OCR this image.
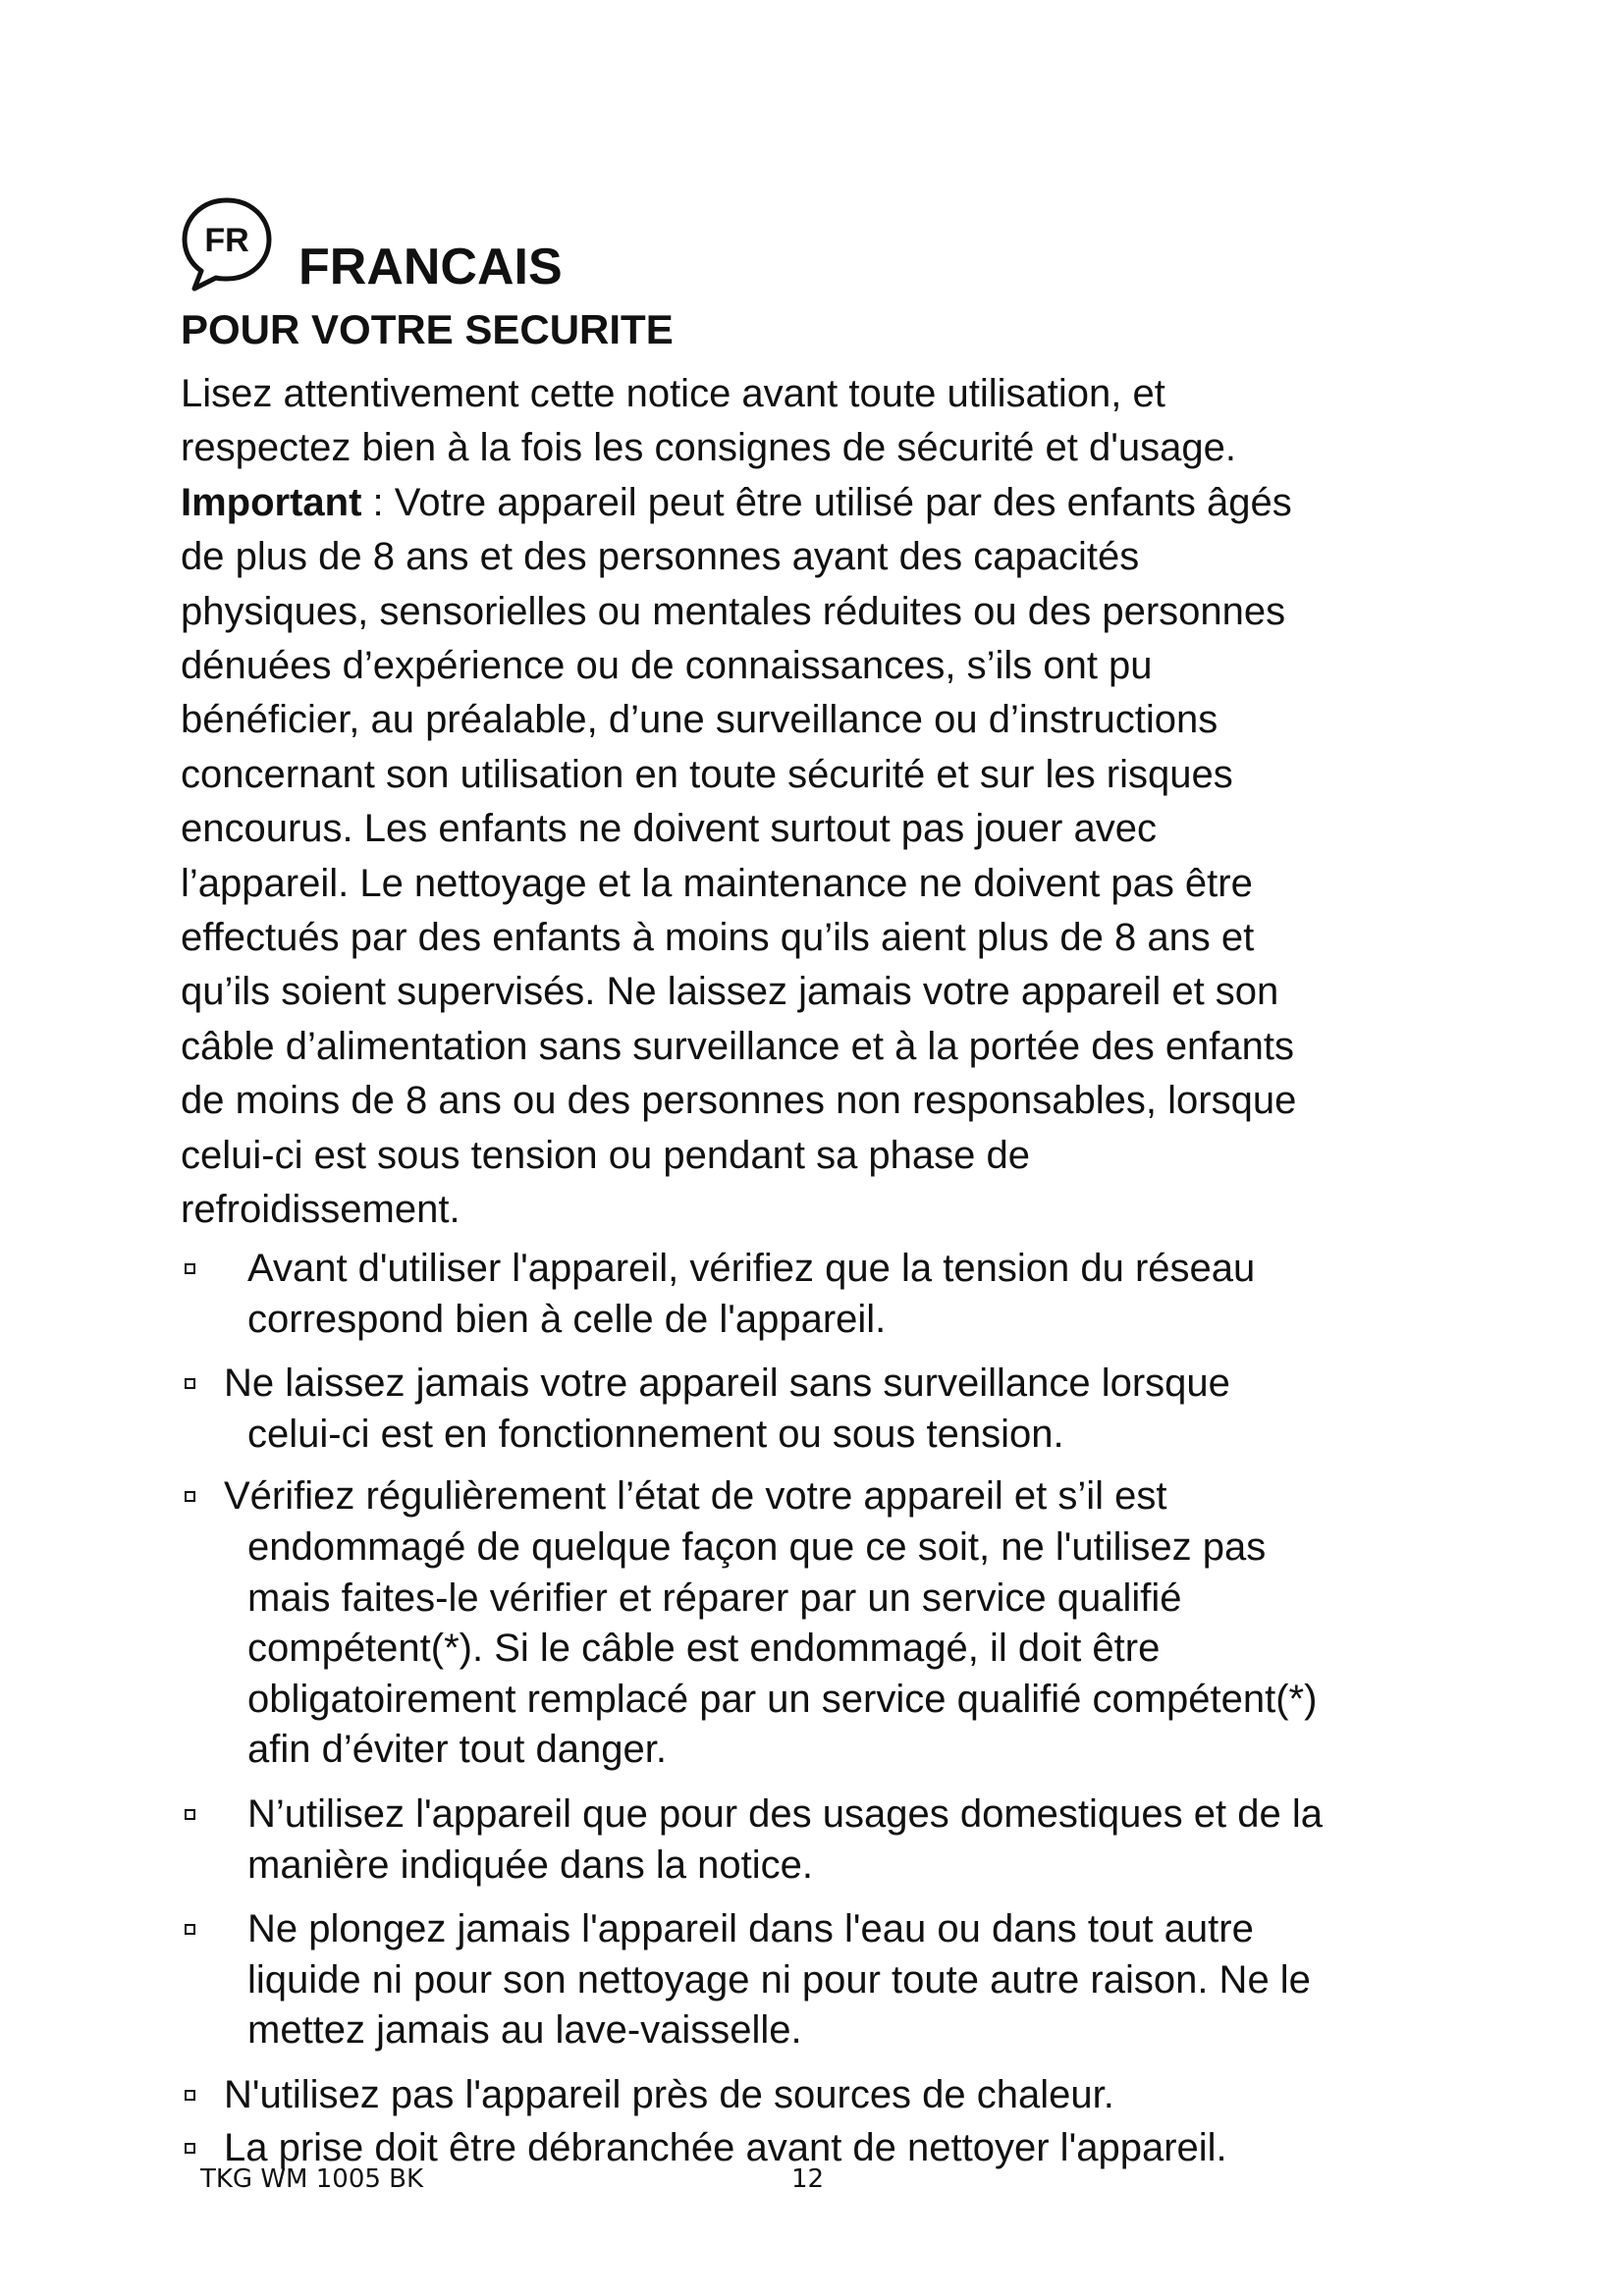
FR FRANCAIS
POUR VOTRE SECURITE
Lisez attentivement cette notice avant toute utilisation, et
respectez bien à la fois les consignes de sécurité et d'usage.
Important : Votre appareil peut être utilisé par des enfants âgés
de plus de 8 ans et des personnes ayant des capacités
physiques, sensorielles ou mentales réduites ou des personnes
dénuées d’expérience ou de connaissances, s’ils ont pu
bénéficier, au préalable, d’une surveillance ou d’instructions
concernant son utilisation en toute sécurité et sur les risques
encourus. Les enfants ne doivent surtout pas jouer avec
l’appareil. Le nettoyage et la maintenance ne doivent pas être
effectués par des enfants à moins qu’ils aient plus de 8 ans et
qu’ils soient supervisés. Ne laissez jamais votre appareil et son
câble d’alimentation sans surveillance et à la portée des enfants
de moins de 8 ans ou des personnes non responsables, lorsque
celui-ci est sous tension ou pendant sa phase de
refroidissement.
Avant d'utiliser l'appareil, vérifiez que la tension du réseau
correspond bien à celle de l'appareil.
Ne laissez jamais votre appareil sans surveillance lorsque
celui-ci est en fonctionnement ou sous tension.
Vérifiez régulièrement l’état de votre appareil et s’il est
endommagé de quelque façon que ce soit, ne l'utilisez pas
mais faites-le vérifier et réparer par un service qualifié
compétent(*). Si le câble est endommagé, il doit être
obligatoirement remplacé par un service qualifié compétent(*)
afin d’éviter tout danger.
N’utilisez l'appareil que pour des usages domestiques et de la
manière indiquée dans la notice.
Ne plongez jamais l'appareil dans l'eau ou dans tout autre
liquide ni pour son nettoyage ni pour toute autre raison. Ne le
mettez jamais au lave-vaisselle.
N'utilisez pas l'appareil près de sources de chaleur.
La prise doit être débranchée avant de nettoyer l'appareil.
TKG WM 1005 BK	12
